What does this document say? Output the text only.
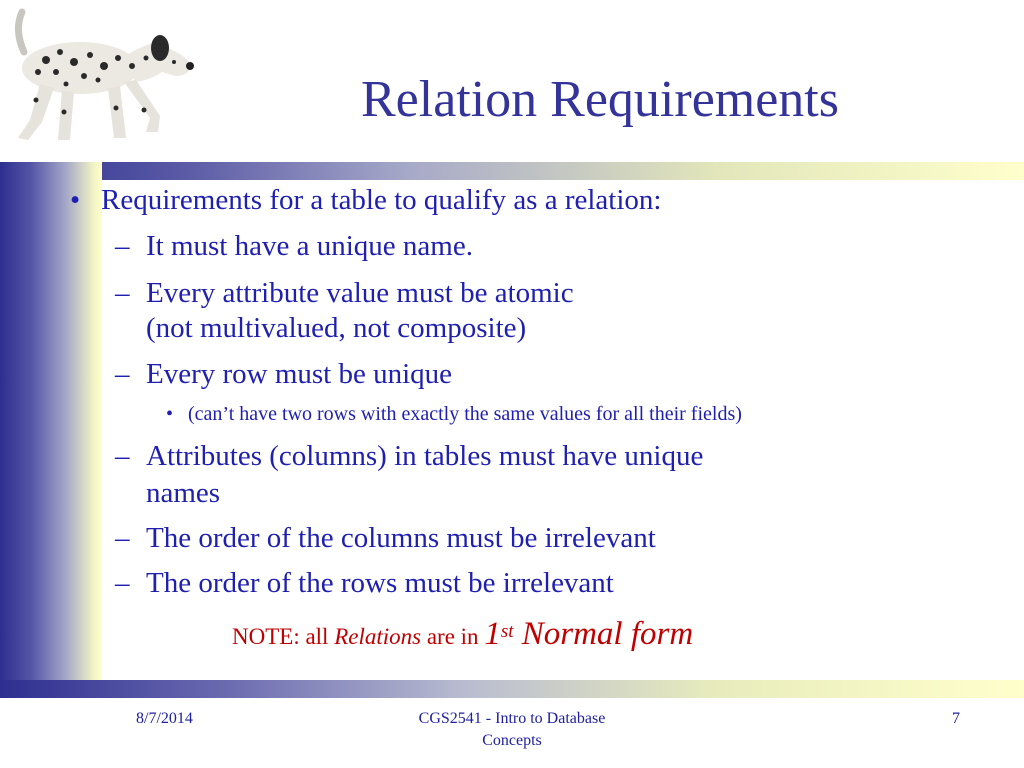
Relation Requirements
• Requirements for a table to qualify as a relation:
– It must have a unique name.
– Every attribute value must be atomic
(not multivalued, not composite)
– Every row must be unique
• (can’t have two rows with exactly the same values for all their fields)
– Attributes (columns) in tables must have unique
names
– The order of the columns must be irrelevant
– The order of the rows must be irrelevant
NOTE: all Relations are in 1st Normal form
8/7/2014	CGS2541 - Intro to Database
Concepts
7
